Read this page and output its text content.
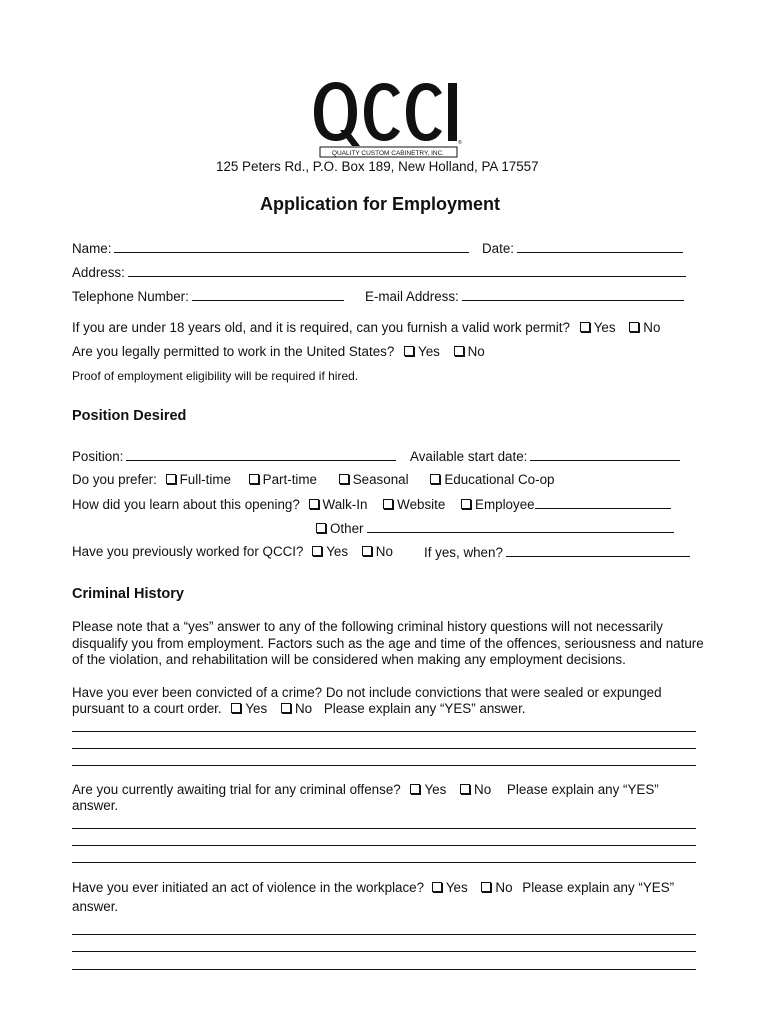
QUALITY CUSTOM CABINETRY, INC.
®
125 Peters Rd., P.O. Box 189, New Holland, PA 17557
Application for Employment
Name:	Date:
Address:
Telephone Number:	E-mail Address:
If you are under 18 years old, and it is required, can you furnish a valid work permit? Yes No
Are you legally permitted to work in the United States? Yes No
Proof of employment eligibility will be required if hired.
Position Desired
Position:	Available start date:
Do you prefer: Full-time Part-time	Seasonal	Educational Co-op
How did you learn about this opening? Walk-In Website Employee
Other
Have you previously worked for QCCI? Yes No If yes, when?
Criminal History
Please note that a “yes” answer to any of the following criminal history questions will not necessarily disqualify you from employment. Factors such as the age and time of the offences, seriousness and nature of the violation, and rehabilitation will be considered when making any employment decisions.
Have you ever been convicted of a crime? Do not include convictions that were sealed or expunged
pursuant to a court order. Yes No Please explain any “YES” answer.
Are you currently awaiting trial for any criminal offense? Yes No Please explain any “YES”
answer.
Have you ever initiated an act of violence in the workplace? Yes No Please explain any “YES”
answer.
